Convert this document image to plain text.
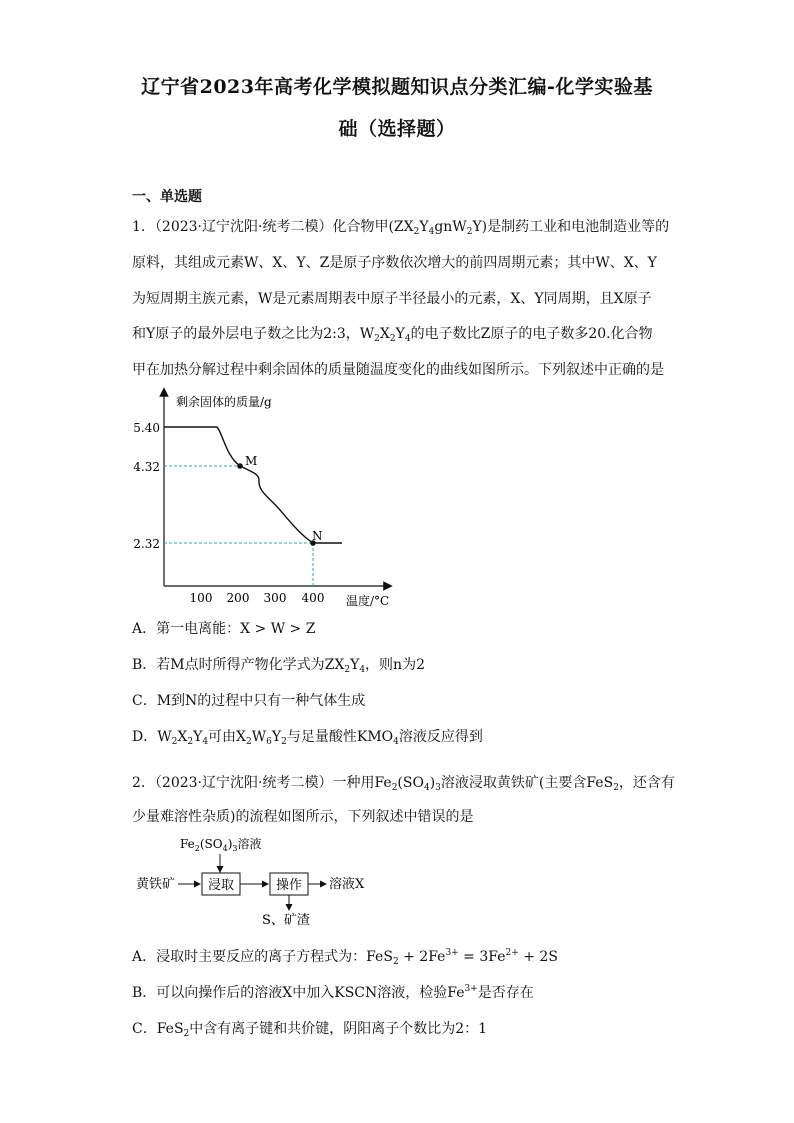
辽宁省2023年高考化学模拟题知识点分类汇编-化学实验基
础（选择题）
一、单选题
1．（2023·辽宁沈阳·统考二模）化合物甲$(ZX_2Y_4gnW_2Y)$是制药工业和电池制造业等的
原料，其组成元素W、X、Y、Z是原子序数依次增大的前四周期元素；其中W、X、Y
为短周期主族元素，W是元素周期表中原子半径最小的元素，X、Y同周期，且X原子
和Y原子的最外层电子数之比为2:3，$W_2X_2Y_4$的电子数比Z原子的电子数多20.化合物
甲在加热分解过程中剩余固体的质量随温度变化的曲线如图所示。下列叙述中正确的是
剩余固体的质量/g
温度/°C
5.40
4.32
2.32
100 200 300 400
M
N
A．第一电离能：X > W > Z
B．若M点时所得产物化学式为$ZX_2Y_4$，则n为2
C．M到N的过程中只有一种气体生成
D．$W_2X_2Y_4$可由$X_2W_6Y_2$与足量酸性$KMO_4$溶液反应得到
2．（2023·辽宁沈阳·统考二模）一种用$Fe_2(SO_4)_3$溶液浸取黄铁矿(主要含FeS$_2$，还含有
少量难溶性杂质)的流程如图所示，下列叙述中错误的是
$Fe_2(SO_4)_3$溶液
黄铁矿	浸取	操作 溶液X
S、矿渣
A．浸取时主要反应的离子方程式为：$FeS_2 + 2Fe^{3+} = 3Fe^{2+} + 2S$
B．可以向操作后的溶液X中加入KSCN溶液，检验$Fe^{3+}$是否存在
C．FeS$_2$中含有离子键和共价键，阴阳离子个数比为2：1
